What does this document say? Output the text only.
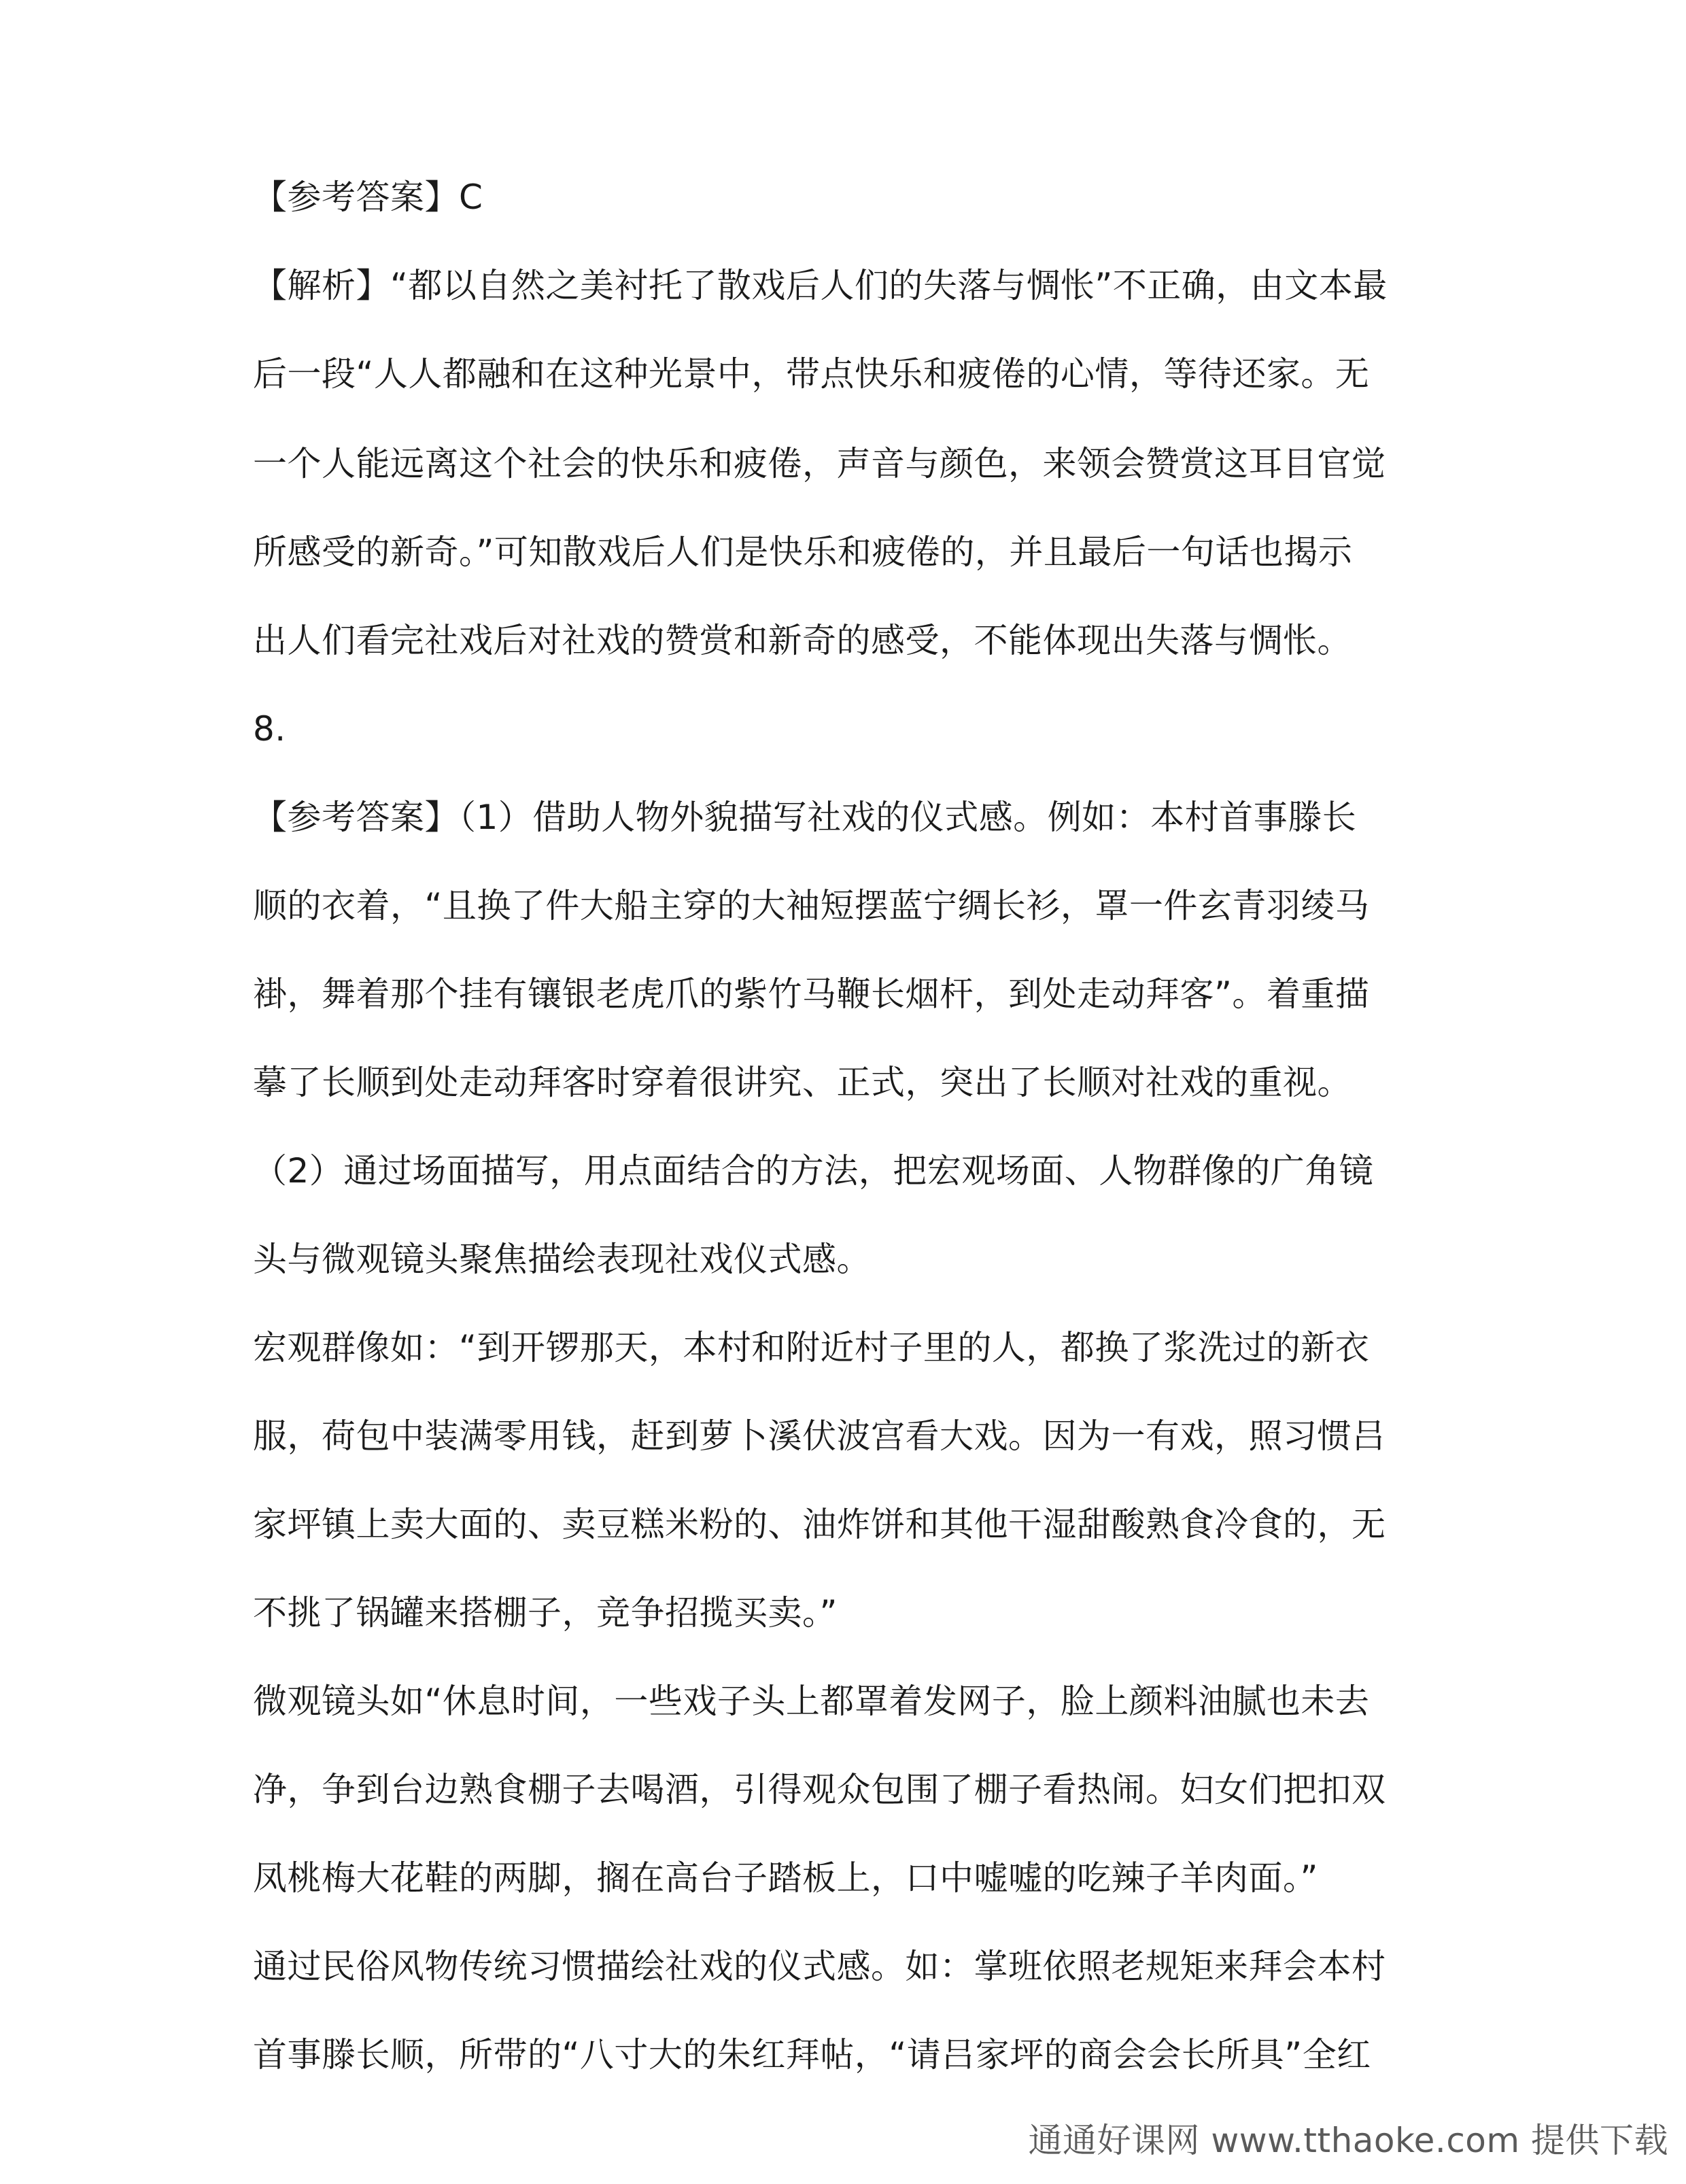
【参考答案】C
【解析】“都以自然之美衬托了散戏后人们的失落与惆怅”不正确，由文本最
后一段“人人都融和在这种光景中，带点快乐和疲倦的心情，等待还家。无
一个人能远离这个社会的快乐和疲倦，声音与颜色，来领会赞赏这耳目官觉
所感受的新奇。”可知散戏后人们是快乐和疲倦的，并且最后一句话也揭示
出人们看完社戏后对社戏的赞赏和新奇的感受，不能体现出失落与惆怅。
8.
【参考答案】（1）借助人物外貌描写社戏的仪式感。例如：本村首事滕长
顺的衣着，“且换了件大船主穿的大袖短摆蓝宁绸长衫，罩一件玄青羽绫马
褂，舞着那个挂有镶银老虎爪的紫竹马鞭长烟杆，到处走动拜客”。着重描
摹了长顺到处走动拜客时穿着很讲究、正式，突出了长顺对社戏的重视。
（2）通过场面描写，用点面结合的方法，把宏观场面、人物群像的广角镜
头与微观镜头聚焦描绘表现社戏仪式感。
宏观群像如：“到开锣那天，本村和附近村子里的人，都换了浆洗过的新衣
服，荷包中装满零用钱，赶到萝卜溪伏波宫看大戏。因为一有戏，照习惯吕
家坪镇上卖大面的、卖豆糕米粉的、油炸饼和其他干湿甜酸熟食冷食的，无
不挑了锅罐来搭棚子，竞争招揽买卖。”
微观镜头如“休息时间，一些戏子头上都罩着发网子，脸上颜料油腻也未去
净，争到台边熟食棚子去喝酒，引得观众包围了棚子看热闹。妇女们把扣双
凤桃梅大花鞋的两脚，搁在高台子踏板上，口中嘘嘘的吃辣子羊肉面。”
通过民俗风物传统习惯描绘社戏的仪式感。如：掌班依照老规矩来拜会本村
首事滕长顺，所带的“八寸大的朱红拜帖，“请吕家坪的商会会长所具”全红
通通好课网 www.tthaoke.com 提供下载
